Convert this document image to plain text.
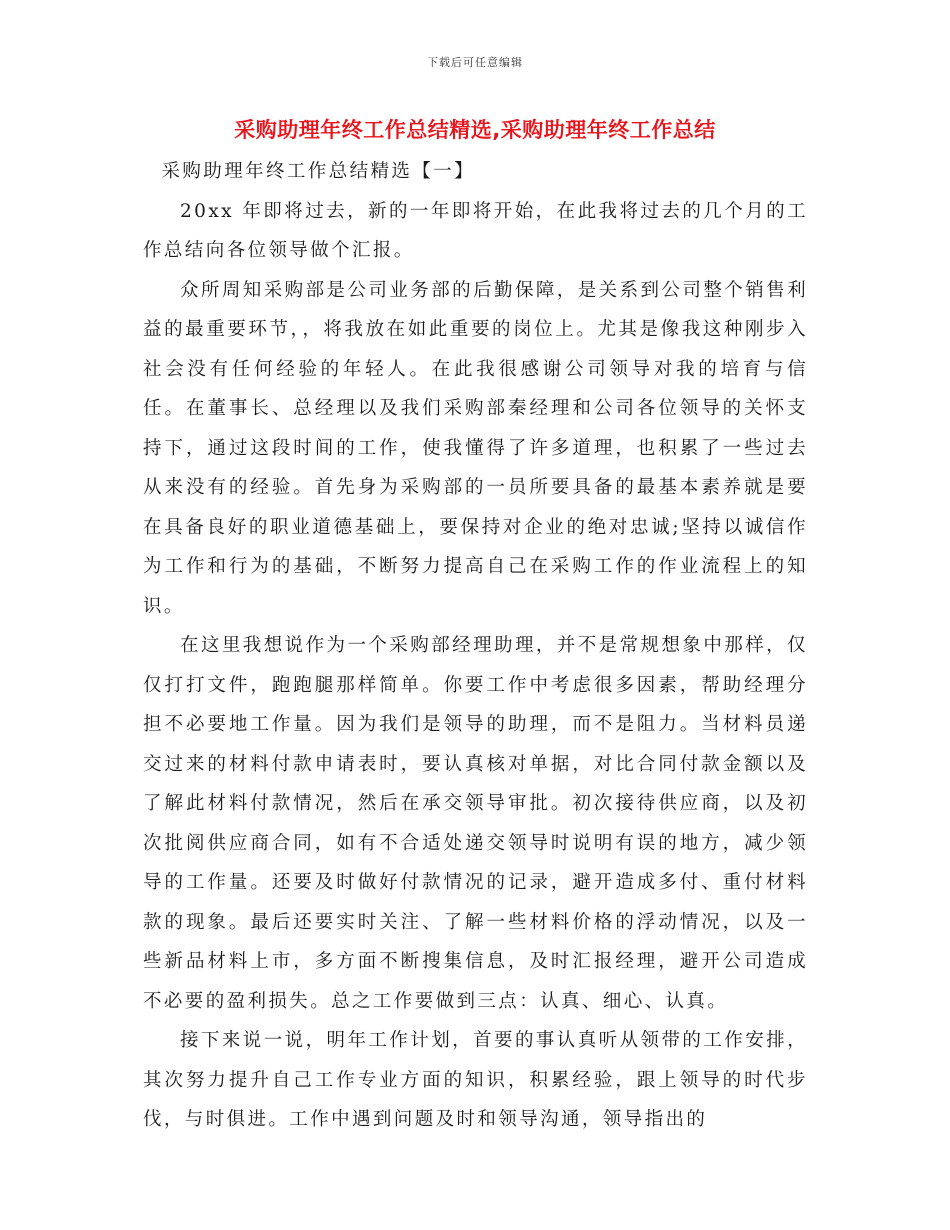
下载后可任意编辑
采购助理年终工作总结精选,采购助理年终工作总结

采购助理年终工作总结精选【一】

20xx 年即将过去，新的一年即将开始，在此我将过去的几个月的工作总结向各位领导做个汇报。

众所周知采购部是公司业务部的后勤保障，是关系到公司整个销售利益的最重要环节，，将我放在如此重要的岗位上。尤其是像我这种刚步入社会没有任何经验的年轻人。在此我很感谢公司领导对我的培育与信任。在董事长、总经理以及我们采购部秦经理和公司各位领导的关怀支持下，通过这段时间的工作，使我懂得了许多道理，也积累了一些过去从来没有的经验。首先身为采购部的一员所要具备的最基本素养就是要在具备良好的职业道德基础上，要保持对企业的绝对忠诚;坚持以诚信作为工作和行为的基础，不断努力提高自己在采购工作的作业流程上的知识。

在这里我想说作为一个采购部经理助理，并不是常规想象中那样，仅仅打打文件，跑跑腿那样简单。你要工作中考虑很多因素，帮助经理分担不必要地工作量。因为我们是领导的助理，而不是阻力。当材料员递交过来的材料付款申请表时，要认真核对单据，对比合同付款金额以及了解此材料付款情况，然后在承交领导审批。初次接待供应商，以及初次批阅供应商合同，如有不合适处递交领导时说明有误的地方，减少领导的工作量。还要及时做好付款情况的记录，避开造成多付、重付材料款的现象。最后还要实时关注、了解一些材料价格的浮动情况，以及一些新品材料上市，多方面不断搜集信息，及时汇报经理，避开公司造成不必要的盈利损失。总之工作要做到三点：认真、细心、认真。

接下来说一说，明年工作计划，首要的事认真听从领带的工作安排，其次努力提升自己工作专业方面的知识，积累经验，跟上领导的时代步伐，与时俱进。工作中遇到问题及时和领导沟通，领导指出的
